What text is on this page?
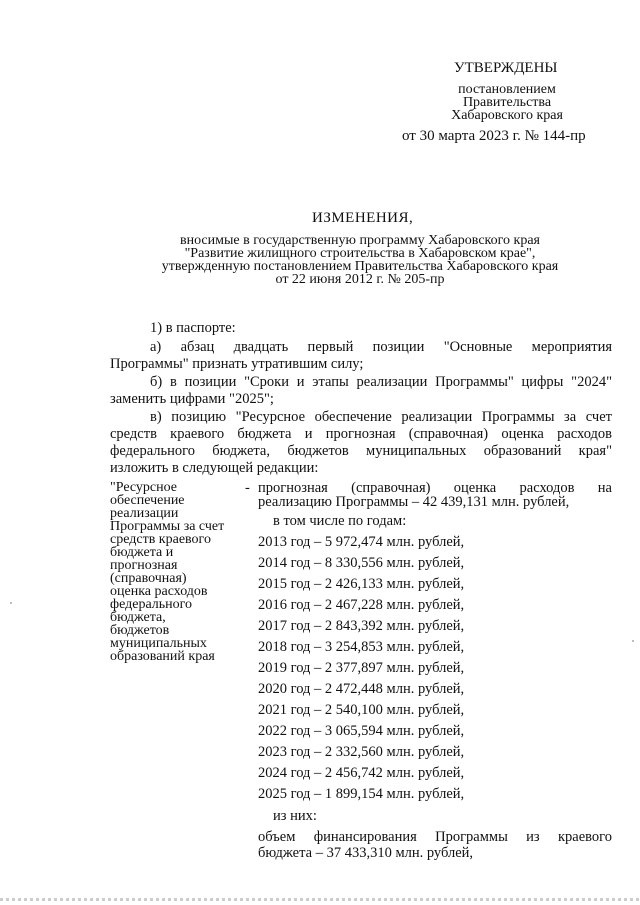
УТВЕРЖДЕНЫ
постановлением
Правительства
Хабаровского края
от 30 марта 2023 г. № 144-пр
ИЗМЕНЕНИЯ,
вносимые в государственную программу Хабаровского края
"Развитие жилищного строительства в Хабаровском крае",
утвержденную постановлением Правительства Хабаровского края
от 22 июня 2012 г. № 205-пр
1) в паспорте:
а) абзац двадцать первый позиции "Основные мероприятия
Программы" признать утратившим силу;
б) в позиции "Сроки и этапы реализации Программы" цифры "2024"
заменить цифрами "2025";
в) позицию "Ресурсное обеспечение реализации Программы за счет
средств краевого бюджета и прогнозная (справочная) оценка расходов
федерального бюджета, бюджетов муниципальных образований края"
изложить в следующей редакции:
"Ресурсное
обеспечение
реализации
Программы за счет
средств краевого
бюджета и
прогнозная
(справочная)
оценка расходов
федерального
бюджета,
бюджетов
муниципальных
образований края
- прогнозная (справочная) оценка расходов на
реализацию Программы – 42 439,131 млн. рублей,
в том числе по годам:
2013 год – 5 972,474 млн. рублей,
2014 год – 8 330,556 млн. рублей,
2015 год – 2 426,133 млн. рублей,
2016 год – 2 467,228 млн. рублей,
2017 год – 2 843,392 млн. рублей,
2018 год – 3 254,853 млн. рублей,
2019 год – 2 377,897 млн. рублей,
2020 год – 2 472,448 млн. рублей,
2021 год – 2 540,100 млн. рублей,
2022 год – 3 065,594 млн. рублей,
2023 год – 2 332,560 млн. рублей,
2024 год – 2 456,742 млн. рублей,
2025 год – 1 899,154 млн. рублей,
из них:
объем финансирования Программы из краевого
бюджета – 37 433,310 млн. рублей,
